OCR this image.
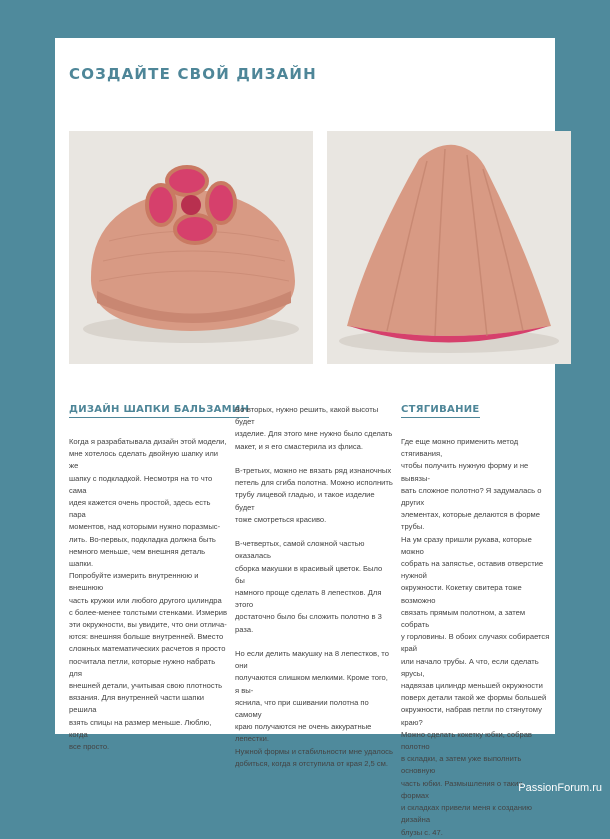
СОЗДАЙТЕ СВОЙ ДИЗАЙН
ДИЗАЙН ШАПКИ БАЛЬЗАМИН
Когда я разрабатывала дизайн этой модели,
мне хотелось сделать двойную шапку или же
шапку с подкладкой. Несмотря на то что сама
идея кажется очень простой, здесь есть пара
моментов, над которыми нужно поразмыс-
лить. Во-первых, подкладка должна быть
немного меньше, чем внешняя деталь шапки.
Попробуйте измерить внутреннюю и внешнюю
часть кружки или любого другого цилиндра
с более-менее толстыми стенками. Измерив
эти окружности, вы увидите, что они отлича-
ются: внешняя больше внутренней. Вместо
сложных математических расчетов я просто
посчитала петли, которые нужно набрать для
внешней детали, учитывая свою плотность
вязания. Для внутренней части шапки решила
взять спицы на размер меньше. Люблю, когда
все просто.
Во-вторых, нужно решить, какой высоты будет
изделие. Для этого мне нужно было сделать
макет, и я его смастерила из флиса.

В-третьих, можно не вязать ряд изнаночных
петель для сгиба полотна. Можно исполнить
трубу лицевой гладью, и такое изделие будет
тоже смотреться красиво.

В-четвертых, самой сложной частью оказалась
сборка макушки в красивый цветок. Было бы
намного проще сделать 8 лепестков. Для этого
достаточно было бы сложить полотно в 3 раза.

Но если делить макушку на 8 лепестков, то они
получаются слишком мелкими. Кроме того, я вы-
яснила, что при сшивании полотна по самому
краю получаются не очень аккуратные лепестки.
Нужной формы и стабильности мне удалось
добиться, когда я отступила от края 2,5 см.
СТЯГИВАНИЕ
Где еще можно применить метод стягивания,
чтобы получить нужную форму и не вывязы-
вать сложное полотно? Я задумалась о других
элементах, которые делаются в форме трубы.
На ум сразу пришли рукава, которые можно
собрать на запястье, оставив отверстие нужной
окружности. Кокетку свитера тоже возможно
связать прямым полотном, а затем собрать
у горловины. В обоих случаях собирается край
или начало трубы. А что, если сделать ярусы,
надвязав цилиндр меньшей окружности
поверх детали такой же формы большей
окружности, набрав петли по стянутому краю?
Можно сделать кокетку юбки, собрав полотно
в складки, а затем уже выполнить основную
часть юбки. Размышления о таких формах
и складках привели меня к созданию дизайна
блузы с. 47.
PassionForum.ru
